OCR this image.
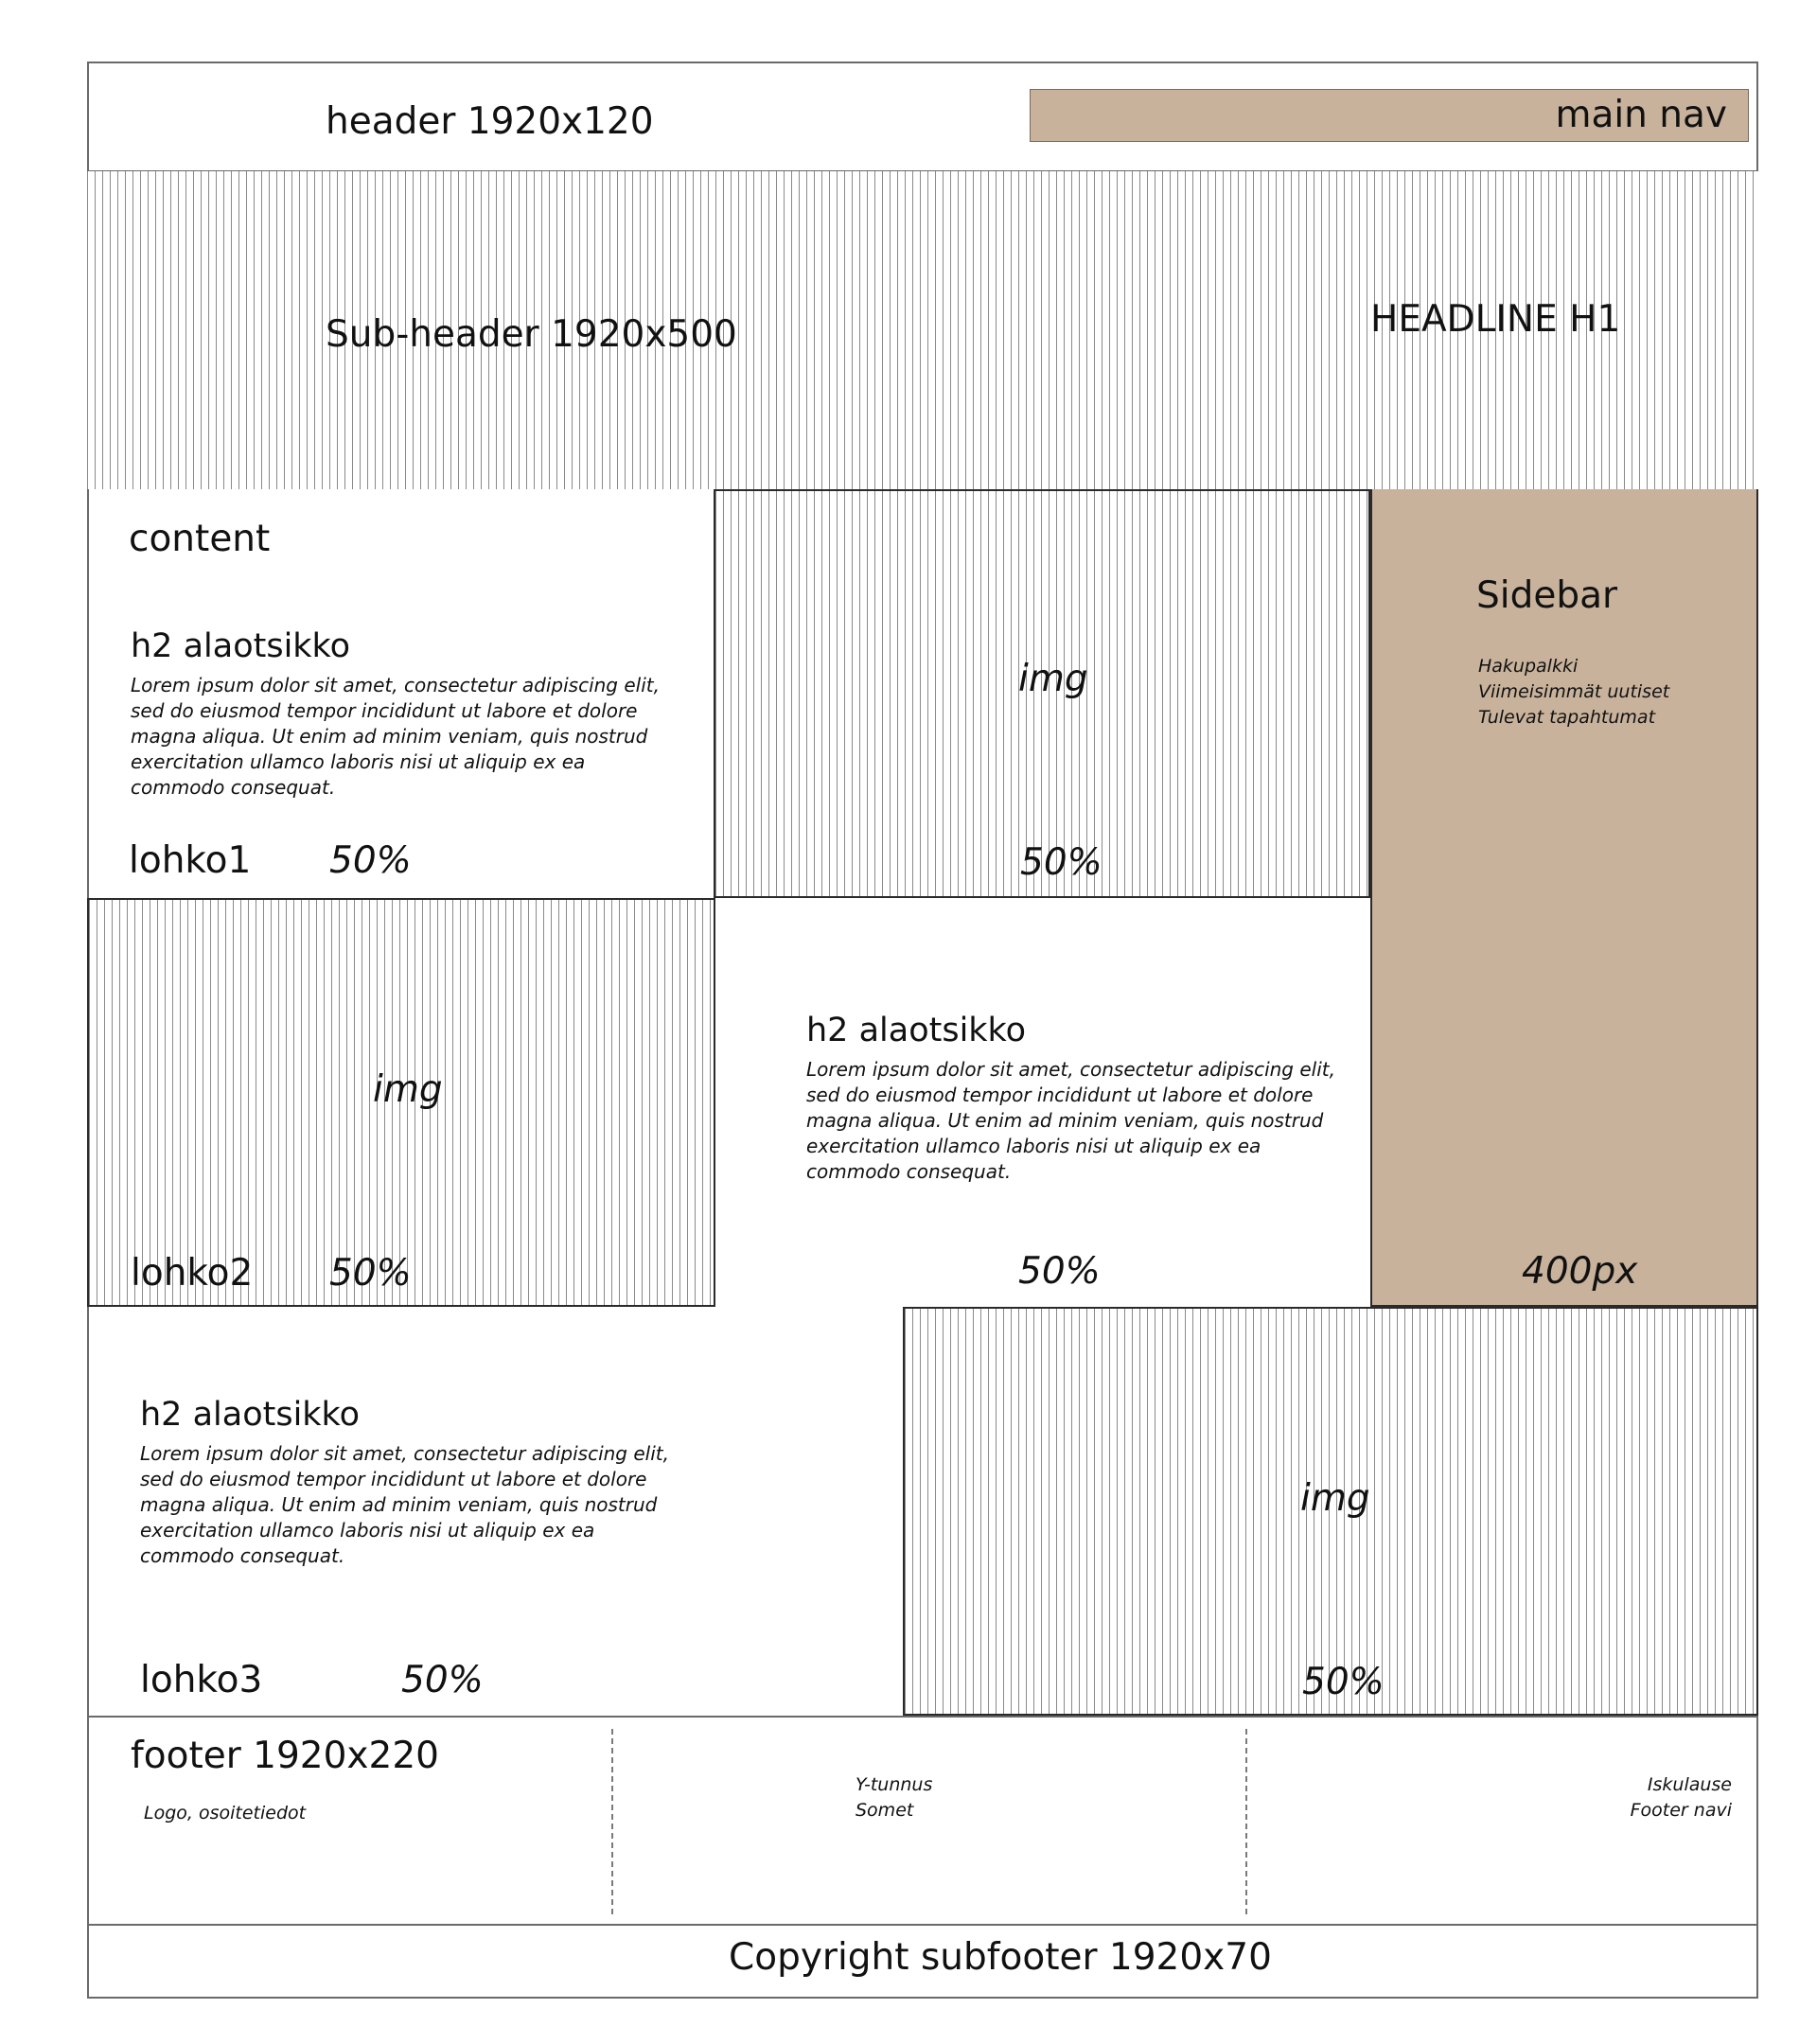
header 1920x120	main nav
Sub-header 1920x500	HEADLINE H1
content
h2 alaotsikko
Lorem ipsum dolor sit amet, consectetur adipiscing elit, sed do eiusmod tempor incididunt ut labore et dolore magna aliqua. Ut enim ad minim veniam, quis nostrud exercitation ullamco laboris nisi ut aliquip ex ea commodo consequat.
lohko1 50%
img
50%
Sidebar
Hakupalkki
Viimeisimmät uutiset
Tulevat tapahtumat
400px
img
lohko2 50%
h2 alaotsikko
Lorem ipsum dolor sit amet, consectetur adipiscing elit, sed do eiusmod tempor incididunt ut labore et dolore magna aliqua. Ut enim ad minim veniam, quis nostrud exercitation ullamco laboris nisi ut aliquip ex ea commodo consequat.
50%
h2 alaotsikko
Lorem ipsum dolor sit amet, consectetur adipiscing elit, sed do eiusmod tempor incididunt ut labore et dolore magna aliqua. Ut enim ad minim veniam, quis nostrud exercitation ullamco laboris nisi ut aliquip ex ea commodo consequat.
lohko3	50%
img
50%
footer 1920x220
Logo, osoitetiedot
Y-tunnus
Somet
Iskulause
Footer navi
Copyright subfooter 1920x70
